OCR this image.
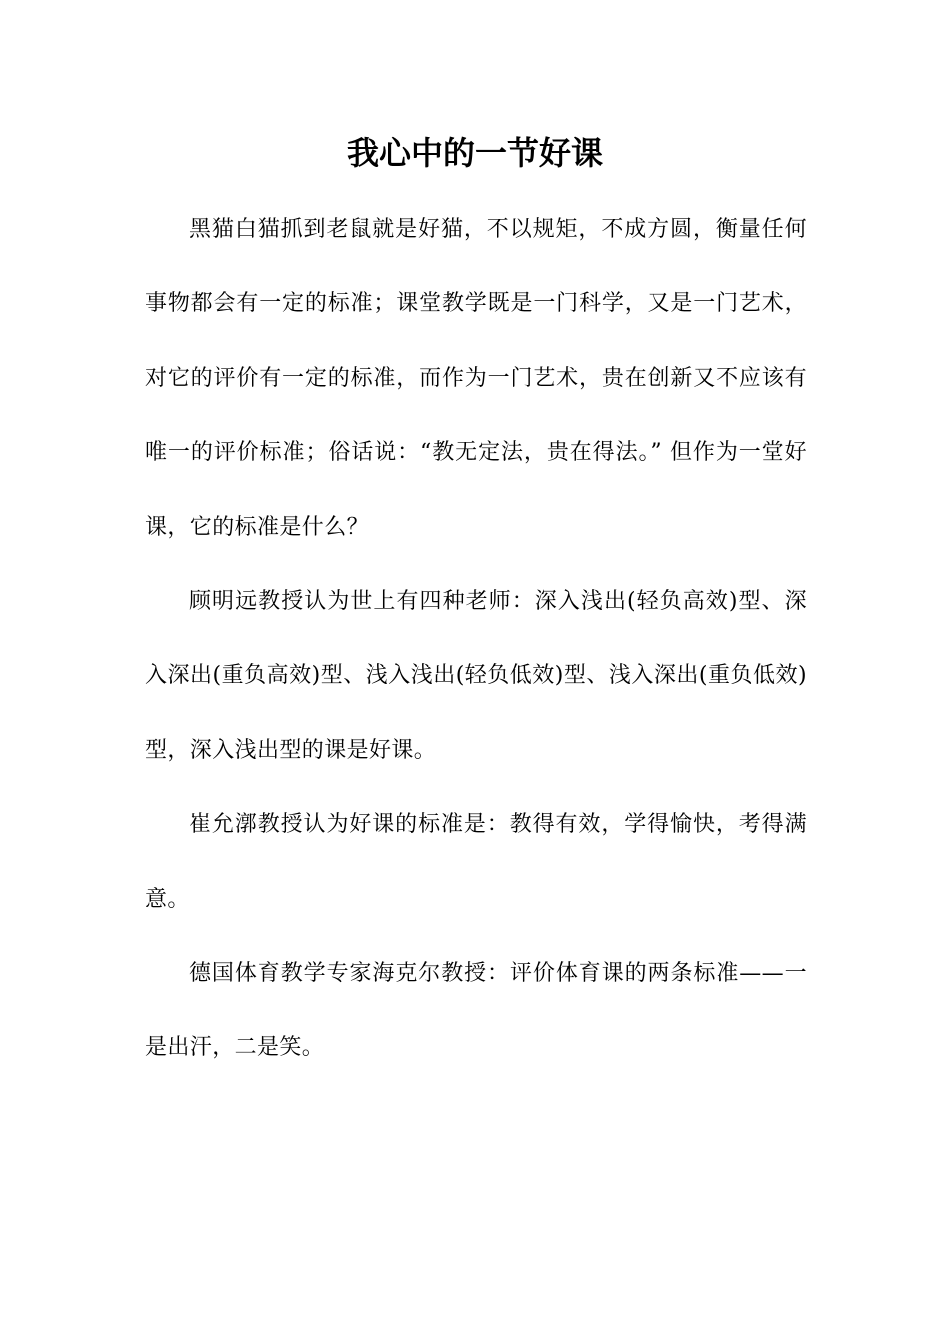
我心中的一节好课

黑猫白猫抓到老鼠就是好猫，不以规矩，不成方圆，衡量任何事物都会有一定的标准；课堂教学既是一门科学，又是一门艺术，对它的评价有一定的标准，而作为一门艺术，贵在创新又不应该有唯一的评价标准；俗话说：“教无定法，贵在得法。” 但作为一堂好课，它的标准是什么？

顾明远教授认为世上有四种老师：深入浅出(轻负高效)型、深入深出(重负高效)型、浅入浅出(轻负低效)型、浅入深出(重负低效)型，深入浅出型的课是好课。

崔允漷教授认为好课的标准是：教得有效，学得愉快，考得满意。

德国体育教学专家海克尔教授：评价体育课的两条标准——一是出汗，二是笑。
